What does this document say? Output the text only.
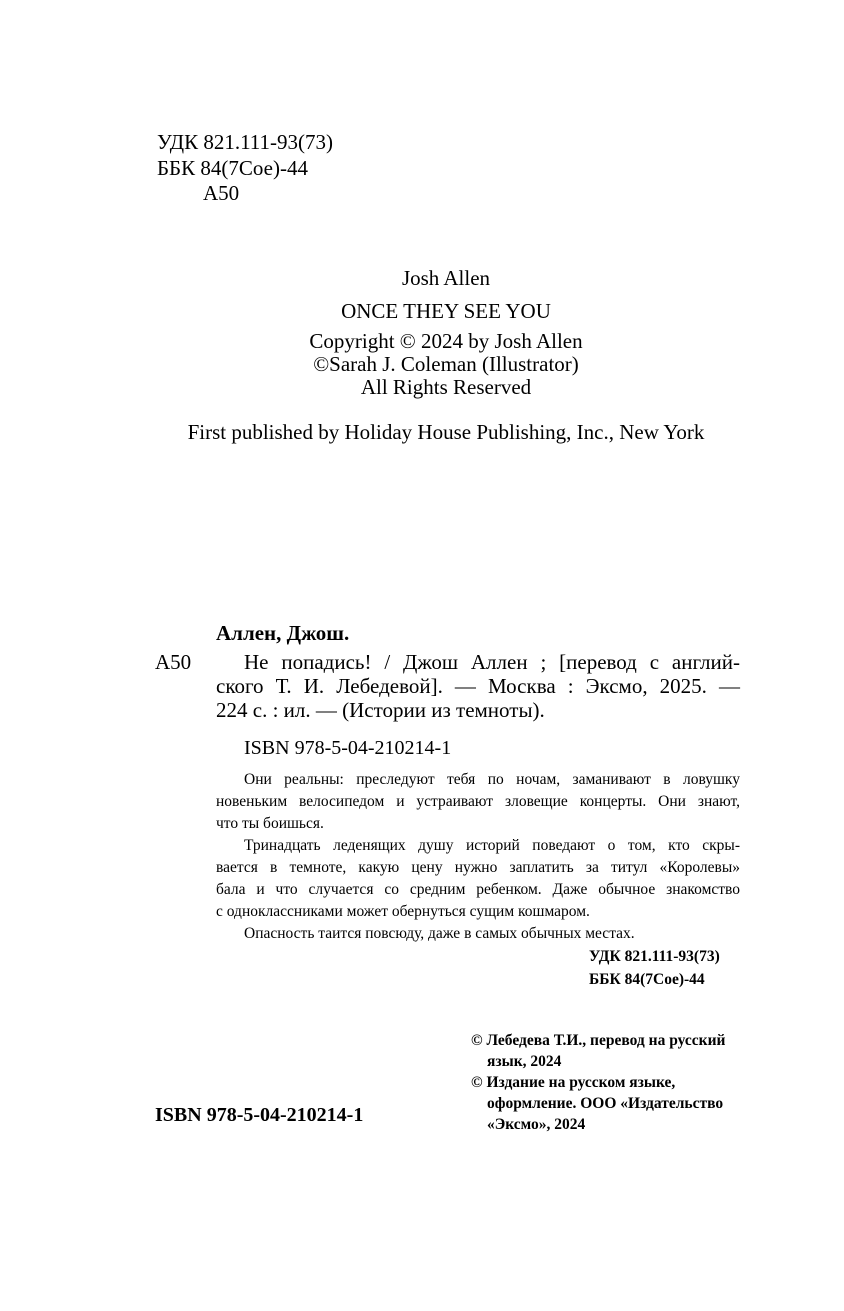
УДК 821.111-93(73)
ББК 84(7Сое)-44
А50
Josh Allen
ONCE THEY SEE YOU
Copyright © 2024 by Josh Allen
©Sarah J. Coleman (Illustrator)
All Rights Reserved
First published by Holiday House Publishing, Inc., New York
Аллен, Джош.
А50	Не попадись! / Джош Аллен ; [перевод с англий-
ского Т. И. Лебедевой]. — Москва : Эксмо, 2025. —
224 с. : ил. — (Истории из темноты).
ISBN 978-5-04-210214-1
Они реальны: преследуют тебя по ночам, заманивают в ловушку
новеньким велосипедом и устраивают зловещие концерты. Они знают,
что ты боишься.
Тринадцать леденящих душу историй поведают о том, кто скры-
вается в темноте, какую цену нужно заплатить за титул «Королевы»
бала и что случается со средним ребенком. Даже обычное знакомство
с одноклассниками может обернуться сущим кошмаром.
Опасность таится повсюду, даже в самых обычных местах.
УДК 821.111-93(73)
ББК 84(7Сое)-44
© Лебедева Т.И., перевод на русский
язык, 2024
© Издание на русском языке,
оформление. ООО «Издательство
«Эксмо», 2024
ISBN 978-5-04-210214-1
